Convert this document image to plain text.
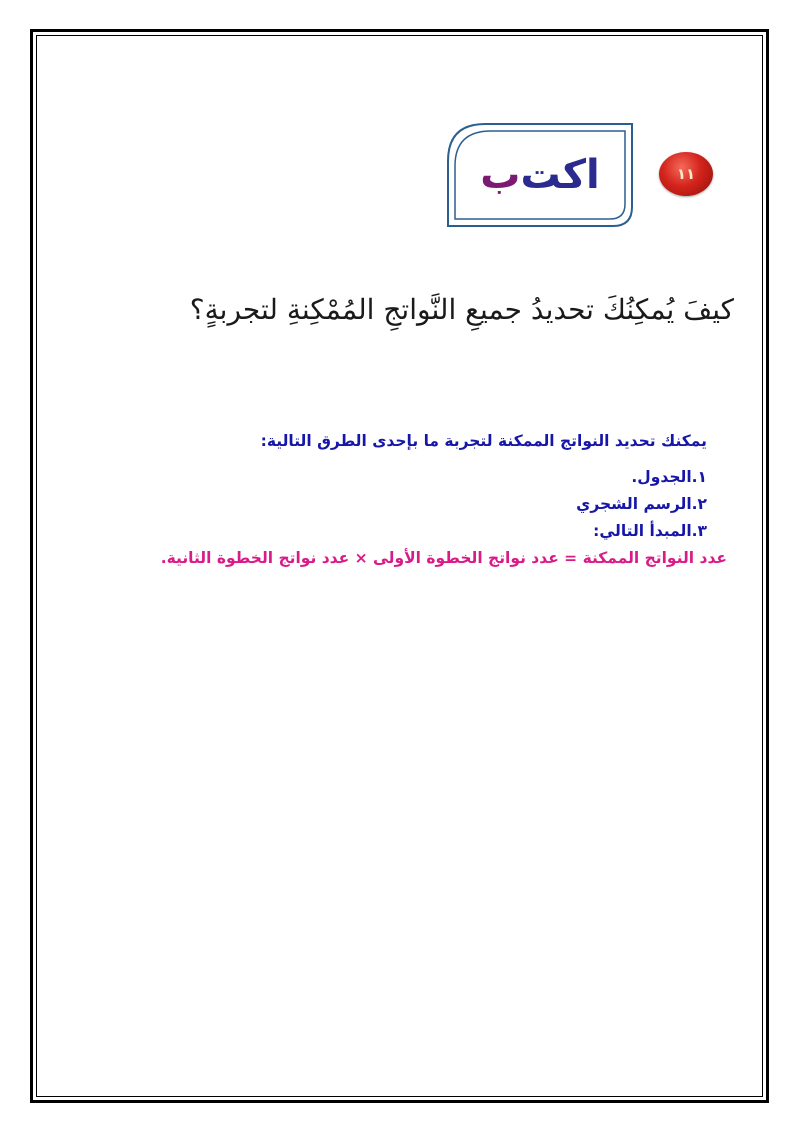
اكت
ب	١١
كيفَ يُمكِنُكَ تحديدُ جميعِ النَّواتجِ المُمْكِنةِ لتجربةٍ؟

يمكنك تحديد النواتج الممكنة لتجربة ما بإحدى الطرق التالية:

١.الجدول.

٢.الرسم الشجري

٣.المبدأ التالي:

عدد النواتج الممكنة = عدد نواتج الخطوة الأولى × عدد نواتج الخطوة الثانية.
